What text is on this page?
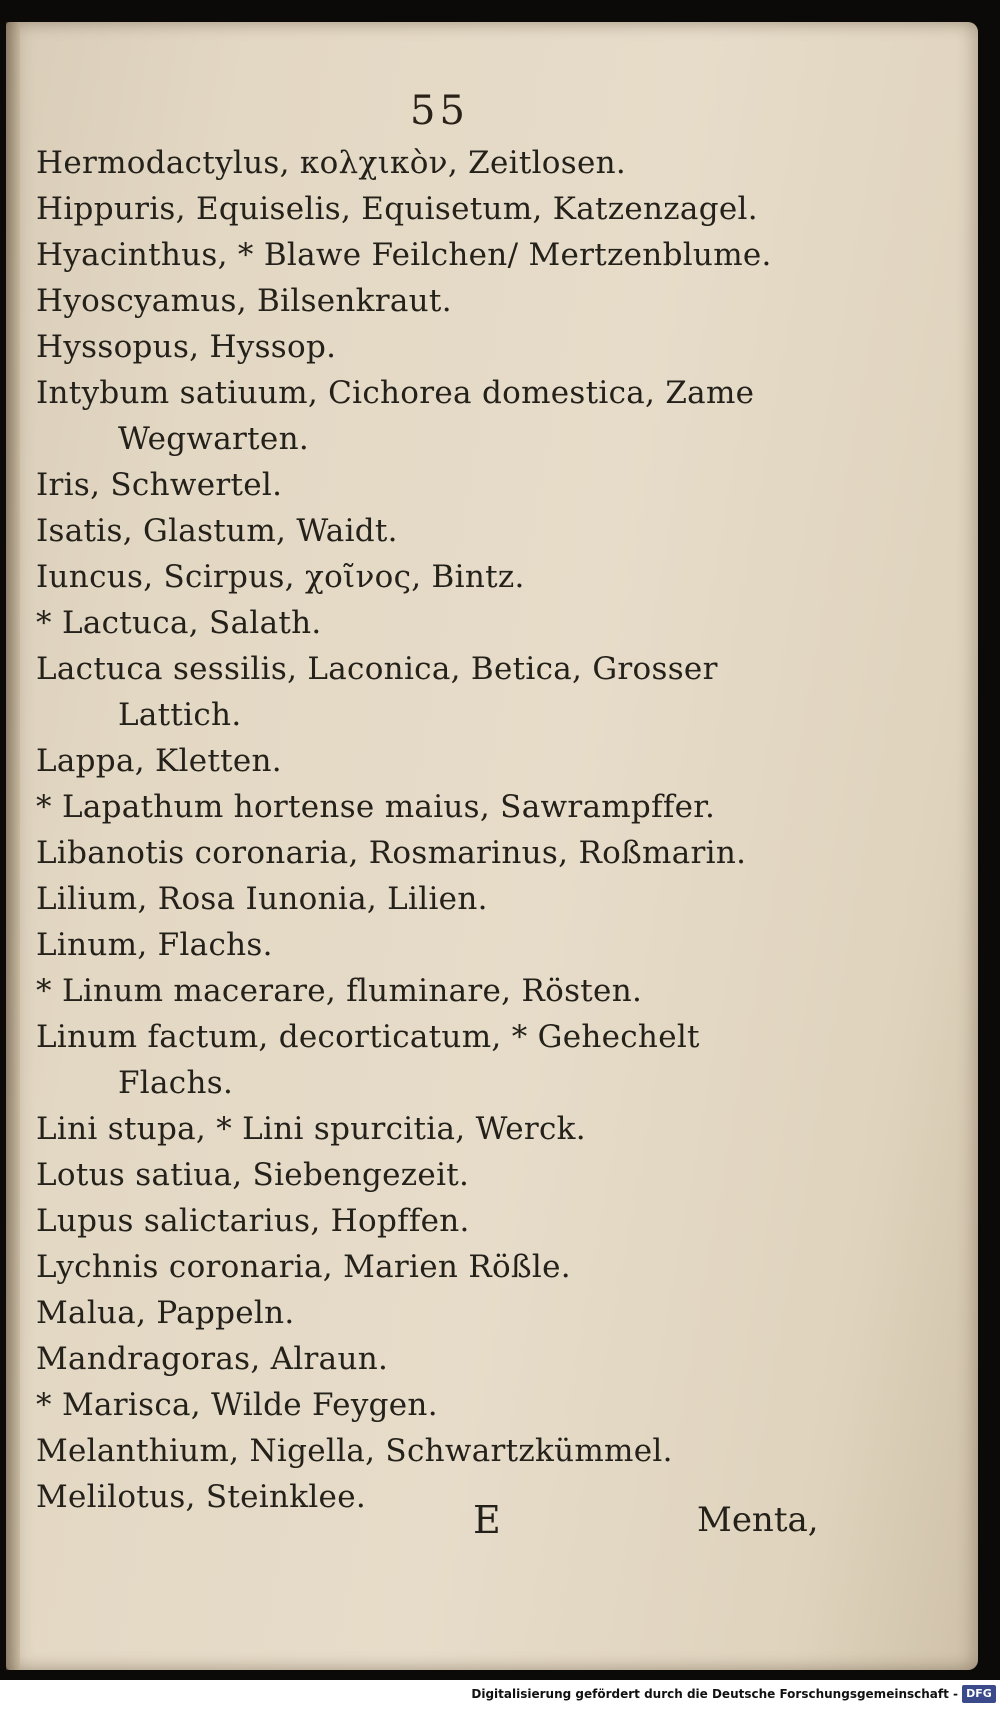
55
Hermodactylus, κολχικὸν, Zeitlosen.
Hippuris, Equiselis, Equisetum, Katzenzagel.
Hyacinthus, * Blawe Feilchen/ Mertzenblume.
Hyoscyamus, Bilsenkraut.
Hyssopus, Hyssop.
Intybum satiuum, Cichorea domestica, Zame
Wegwarten.
Iris, Schwertel.
Isatis, Glastum, Waidt.
Iuncus, Scirpus, χοῖνος, Bintz.
* Lactuca, Salath.
Lactuca sessilis, Laconica, Betica, Grosser
Lattich.
Lappa, Kletten.
* Lapathum hortense maius, Sawrampffer.
Libanotis coronaria, Rosmarinus, Roßmarin.
Lilium, Rosa Iunonia, Lilien.
Linum, Flachs.
* Linum macerare, fluminare, Rösten.
Linum factum, decorticatum, * Gehechelt
Flachs.
Lini stupa, * Lini spurcitia, Werck.
Lotus satiua, Siebengezeit.
Lupus salictarius, Hopffen.
Lychnis coronaria, Marien Rößle.
Malua, Pappeln.
Mandragoras, Alraun.
* Marisca, Wilde Feygen.
Melanthium, Nigella, Schwartzkümmel.
Melilotus, Steinklee.
E	Menta,
Digitalisierung gefördert durch die Deutsche Forschungsgemeinschaft - DFG
